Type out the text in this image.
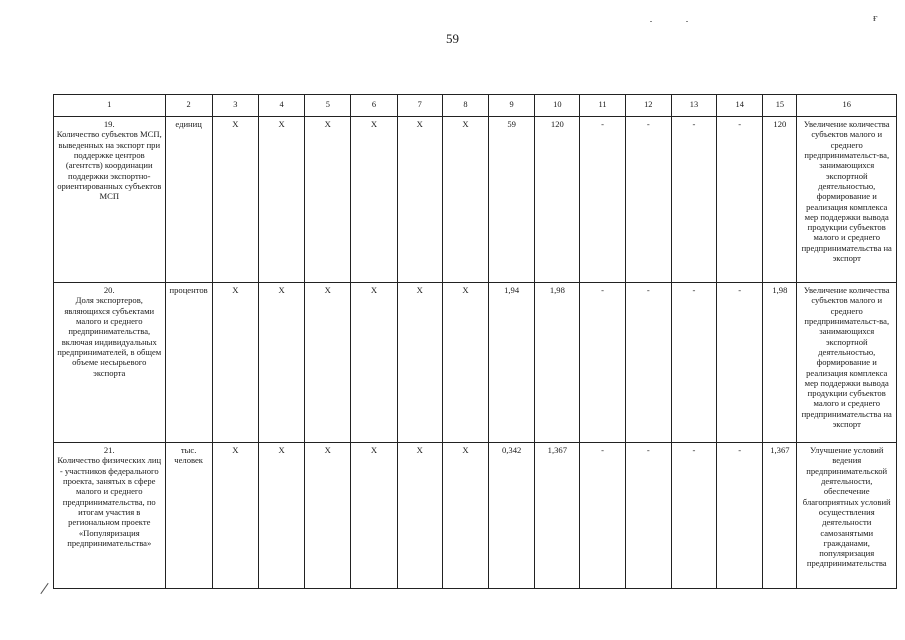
59
ғ
1	2	3	4	5	6	7	8	9	10	11	12	13	14	15	16

19.
Количество субъектов МСП, выведенных на экспорт при поддержке центров (агентств) координации поддержки экспортно-ориентированных субъектов МСП	единиц	X	X	X	X	X	X	59	120	-	-	-	-	120	Увеличение количества субъектов малого и среднего предпринимательст-ва, занимающихся экспортной деятельностью, формирование и реализация комплекса мер поддержки вывода продукции субъектов малого и среднего предпринимательства на экспорт

20.
Доля экспортеров, являющихся субъектами малого и среднего предпринимательства, включая индивидуальных предпринимателей, в общем объеме несырьевого экспорта	процентов	X	X	X	X	X	X	1,94	1,98	-	-	-	-	1,98	Увеличение количества субъектов малого и среднего предпринимательст-ва, занимающихся экспортной деятельностью, формирование и реализация комплекса мер поддержки вывода продукции субъектов малого и среднего предпринимательства на экспорт

21.
Количество физических лиц - участников федерального проекта, занятых в сфере малого и среднего предпринимательства, по итогам участия в региональном проекте «Популяризация предпринимательства»	тыс. человек	X	X	X	X	X	X	0,342	1,367	-	-	-	-	1,367	Улучшение условий ведения предпринимательской деятельности, обеспечение благоприятных условий осуществления деятельности самозанятыми гражданами, популяризация предпринимательства
